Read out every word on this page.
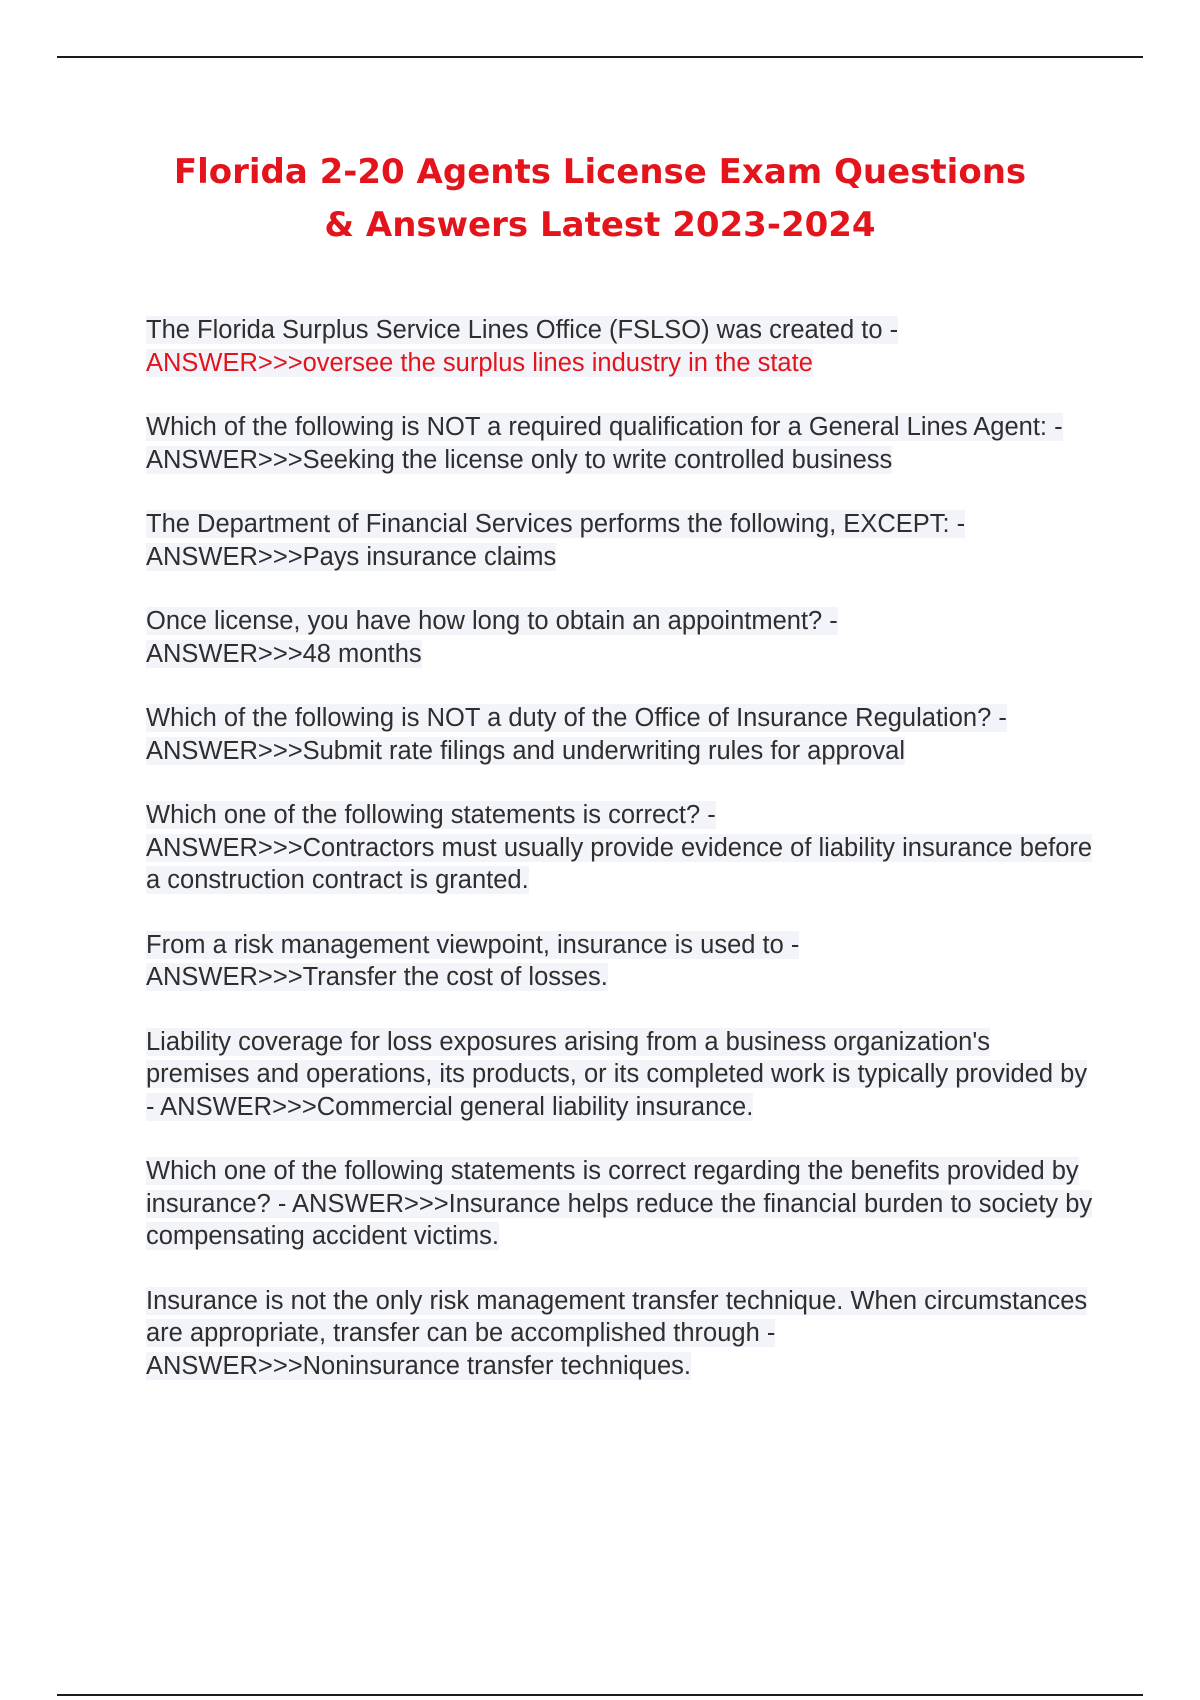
Florida 2-20 Agents License Exam Questions
& Answers Latest 2023-2024

The Florida Surplus Service Lines Office (FSLSO) was created to -
ANSWER>>>oversee the surplus lines industry in the state

Which of the following is NOT a required qualification for a General Lines Agent: - ANSWER>>>Seeking the license only to write controlled business

The Department of Financial Services performs the following, EXCEPT: -
ANSWER>>>Pays insurance claims

Once license, you have how long to obtain an appointment? -
ANSWER>>>48 months

Which of the following is NOT a duty of the Office of Insurance Regulation? - ANSWER>>>Submit rate filings and underwriting rules for approval

Which one of the following statements is correct? -
ANSWER>>>Contractors must usually provide evidence of liability insurance before a construction contract is granted.

From a risk management viewpoint, insurance is used to -
ANSWER>>>Transfer the cost of losses.

Liability coverage for loss exposures arising from a business organization's premises and operations, its products, or its completed work is typically provided by - ANSWER>>>Commercial general liability insurance.

Which one of the following statements is correct regarding the benefits provided by insurance? - ANSWER>>>Insurance helps reduce the financial burden to society by compensating accident victims.

Insurance is not the only risk management transfer technique. When circumstances are appropriate, transfer can be accomplished through -
ANSWER>>>Noninsurance transfer techniques.
